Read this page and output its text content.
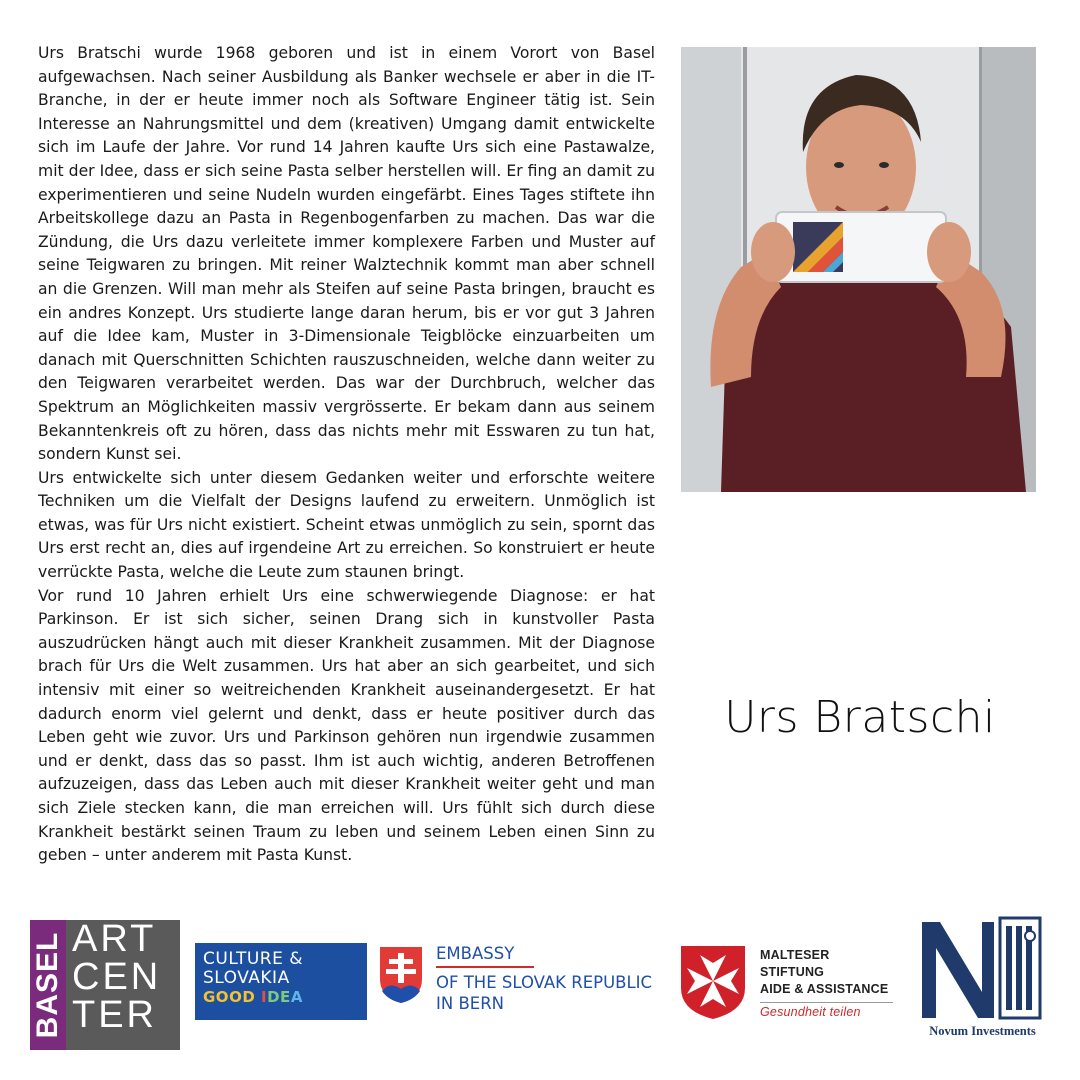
Urs Bratschi wurde 1968 geboren und ist in einem Vorort von Basel aufgewachsen. Nach seiner Ausbildung als Banker wechsele er aber in die IT-Branche, in der er heute immer noch als Software Engineer tätig ist. Sein Interesse an Nahrungsmittel und dem (kreativen) Umgang damit entwickelte sich im Laufe der Jahre. Vor rund 14 Jahren kaufte Urs sich eine Pastawalze, mit der Idee, dass er sich seine Pasta selber herstellen will. Er fing an damit zu experimentieren und seine Nudeln wurden eingefärbt. Eines Tages stiftete ihn Arbeitskollege dazu an Pasta in Regenbogenfarben zu machen. Das war die Zündung, die Urs dazu verleitete immer komplexere Farben und Muster auf seine Teigwaren zu bringen. Mit reiner Walztechnik kommt man aber schnell an die Grenzen. Will man mehr als Steifen auf seine Pasta bringen, braucht es ein andres Konzept. Urs studierte lange daran herum, bis er vor gut 3 Jahren auf die Idee kam, Muster in 3-Dimensionale Teigblöcke einzuarbeiten um danach mit Querschnitten Schichten rauszuschneiden, welche dann weiter zu den Teigwaren verarbeitet werden. Das war der Durchbruch, welcher das Spektrum an Möglichkeiten massiv vergrösserte. Er bekam dann aus seinem Bekanntenkreis oft zu hören, dass das nichts mehr mit Esswaren zu tun hat, sondern Kunst sei.

Urs entwickelte sich unter diesem Gedanken weiter und erforschte weitere Techniken um die Vielfalt der Designs laufend zu erweitern. Unmöglich ist etwas, was für Urs nicht existiert. Scheint etwas unmöglich zu sein, spornt das Urs erst recht an, dies auf irgendeine Art zu erreichen. So konstruiert er heute verrückte Pasta, welche die Leute zum staunen bringt.

Vor rund 10 Jahren erhielt Urs eine schwerwiegende Diagnose: er hat Parkinson. Er ist sich sicher, seinen Drang sich in kunstvoller Pasta auszudrücken hängt auch mit dieser Krankheit zusammen. Mit der Diagnose brach für Urs die Welt zusammen. Urs hat aber an sich gearbeitet, und sich intensiv mit einer so weitreichenden Krankheit auseinandergesetzt. Er hat dadurch enorm viel gelernt und denkt, dass er heute positiver durch das Leben geht wie zuvor. Urs und Parkinson gehören nun irgendwie zusammen und er denkt, dass das so passt. Ihm ist auch wichtig, anderen Betroffenen aufzuzeigen, dass das Leben auch mit dieser Krankheit weiter geht und man sich Ziele stecken kann, die man erreichen will. Urs fühlt sich durch diese Krankheit bestärkt seinen Traum zu leben und seinem Leben einen Sinn zu geben – unter anderem mit Pasta Kunst.

Urs Bratschi
BASEL ART
CEN
TER
CULTURE &
SLOVAKIA
GOOD IDEA
EMBASSY
OF THE SLOVAK REPUBLIC
IN BERN
MALTESER STIFTUNG
AIDE & ASSISTANCE
Gesundheit teilen
Novum Investments
